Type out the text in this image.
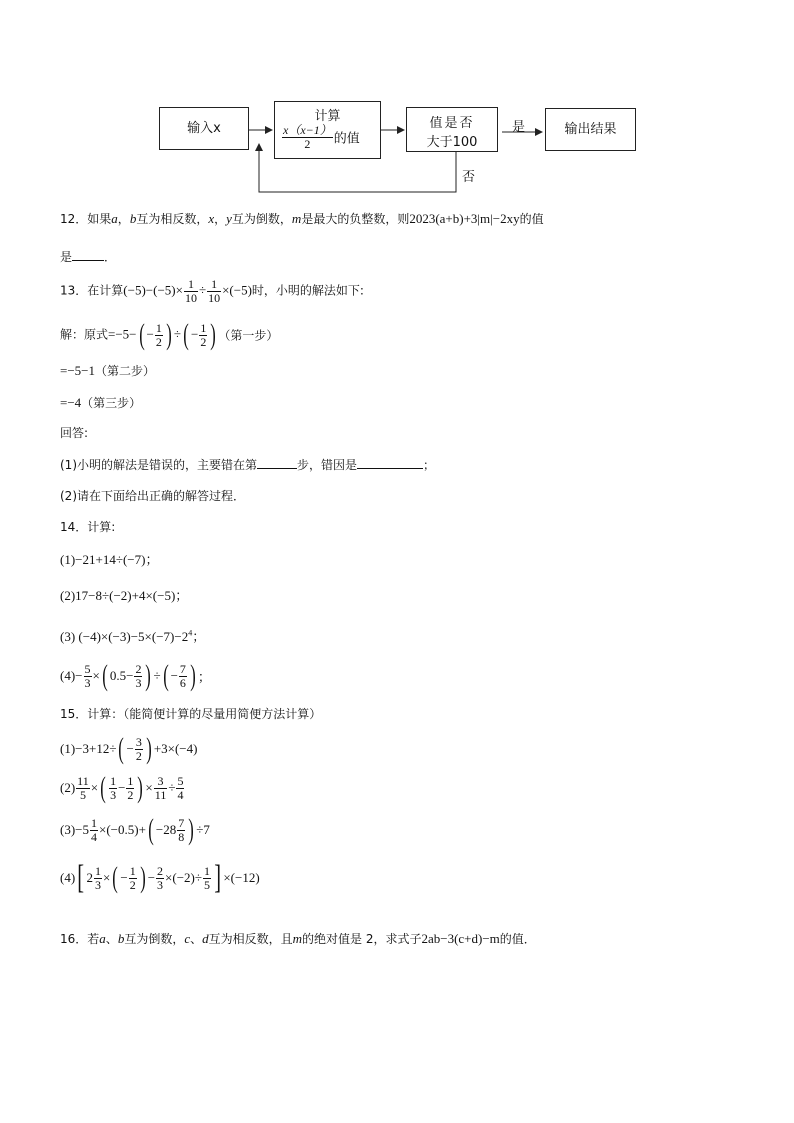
输入x
计算
$\frac{x(x-1)}{2}$ 的值
值是否
大于100
输出结果
是
否
12．如果a，b互为相反数，x，y互为倒数，m是最大的负整数，则2023(a+b)+3|m|−2xy的值
是	．
13．在计算$(-5)-(-5)\times \frac{1}{10} \div \frac{1}{10} \times(-5)$时，小明的解法如下:
解：原式$=-5-( - \frac{1}{2}$ ) ÷( − $\frac{1}{2}$ ) （第一步）
=−5−1（第二步）
=−4（第三步）
回答:
(1)小明的解法是错误的，主要错在第	步，错因是	；
(2)请在下面给出正确的解答过程．
14．计算:
(1)−21+14÷(−7)；
(2)17−8÷(−2)+4×(−5)；
(3) $(-4)\times(-3)-5\times(-7)-2^4$；
$(4)- \frac{5}{3}$ ×( $0.5- \frac{2}{3}$ ) ÷( − $\frac{7}{6}$ ) ；
15．计算：（能简便计算的尽量用简便方法计算）
$(1)-3+12\div( - \frac{3}{2}$ ) +3×(−4)
$(2) \frac{11}{5}$ ×( $\frac{1}{3} - \frac{1}{2}$ ) × $\frac{3}{11} \div \frac{5}{4}$
$(3)-5 \frac{1}{4} \times(-0.5)+( -28 \frac{7}{8}$ ) ÷7
(4)[ $2 \frac{1}{3}$ ×( − $\frac{1}{2}$ ) − $\frac{2}{3} \times(-2)\div \frac{1}{5}$ ] ×(−12)
16．若a、b互为倒数，c、d互为相反数，且m的绝对值是 2，求式子2ab−3(c+d)−m的值．
